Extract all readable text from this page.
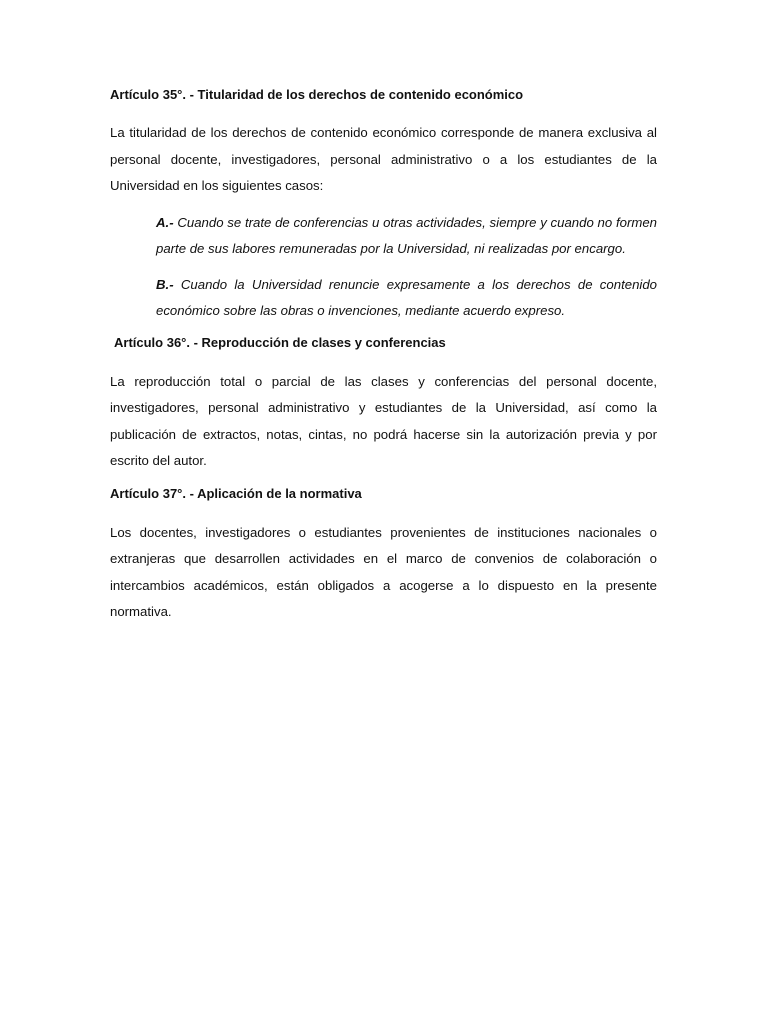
Artículo 35°. - Titularidad de los derechos de contenido económico

La titularidad de los derechos de contenido económico corresponde de manera exclusiva al personal docente, investigadores, personal administrativo o a los estudiantes de la Universidad en los siguientes casos:

A.- Cuando se trate de conferencias u otras actividades, siempre y cuando no formen parte de sus labores remuneradas por la Universidad, ni realizadas por encargo.

B.- Cuando la Universidad renuncie expresamente a los derechos de contenido económico sobre las obras o invenciones, mediante acuerdo expreso.

Artículo 36°. - Reproducción de clases y conferencias

La reproducción total o parcial de las clases y conferencias del personal docente, investigadores, personal administrativo y estudiantes de la Universidad, así como la publicación de extractos, notas, cintas, no podrá hacerse sin la autorización previa y por escrito del autor.

Artículo 37°. - Aplicación de la normativa

Los docentes, investigadores o estudiantes provenientes de instituciones nacionales o extranjeras que desarrollen actividades en el marco de convenios de colaboración o intercambios académicos, están obligados a acogerse a lo dispuesto en la presente normativa.
